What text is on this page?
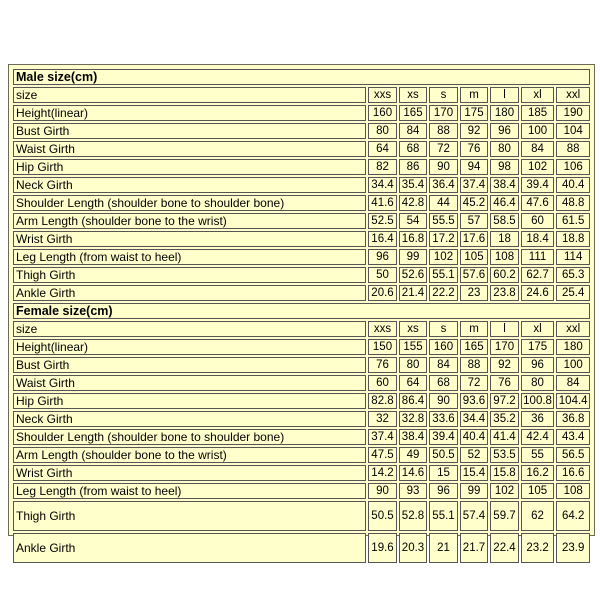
Male size(cm)							
size	xxs	xs	s	m	l	xl	xxl
Height(linear)	160	165	170	175	180	185	190
Bust Girth	80	84	88	92	96	100	104
Waist Girth	64	68	72	76	80	84	88
Hip Girth	82	86	90	94	98	102	106
Neck Girth	34.4	35.4	36.4	37.4	38.4	39.4	40.4
Shoulder Length (shoulder bone to shoulder bone)	41.6	42.8	44	45.2	46.4	47.6	48.8
Arm Length (shoulder bone to the wrist)	52.5	54	55.5	57	58.5	60	61.5
Wrist Girth	16.4	16.8	17.2	17.6	18	18.4	18.8
Leg Length (from waist to heel)	96	99	102	105	108	111	114
Thigh Girth	50	52.6	55.1	57.6	60.2	62.7	65.3
Ankle Girth	20.6	21.4	22.2	23	23.8	24.6	25.4
Female size(cm)							
size	xxs	xs	s	m	l	xl	xxl
Height(linear)	150	155	160	165	170	175	180
Bust Girth	76	80	84	88	92	96	100
Waist Girth	60	64	68	72	76	80	84
Hip Girth	82.8	86.4	90	93.6	97.2	100.8	104.4
Neck Girth	32	32.8	33.6	34.4	35.2	36	36.8
Shoulder Length (shoulder bone to shoulder bone)	37.4	38.4	39.4	40.4	41.4	42.4	43.4
Arm Length (shoulder bone to the wrist)	47.5	49	50.5	52	53.5	55	56.5
Wrist Girth	14.2	14.6	15	15.4	15.8	16.2	16.6
Leg Length (from waist to heel)	90	93	96	99	102	105	108
Thigh Girth	50.5	52.8	55.1	57.4	59.7	62	64.2
Ankle Girth	19.6	20.3	21	21.7	22.4	23.2	23.9
